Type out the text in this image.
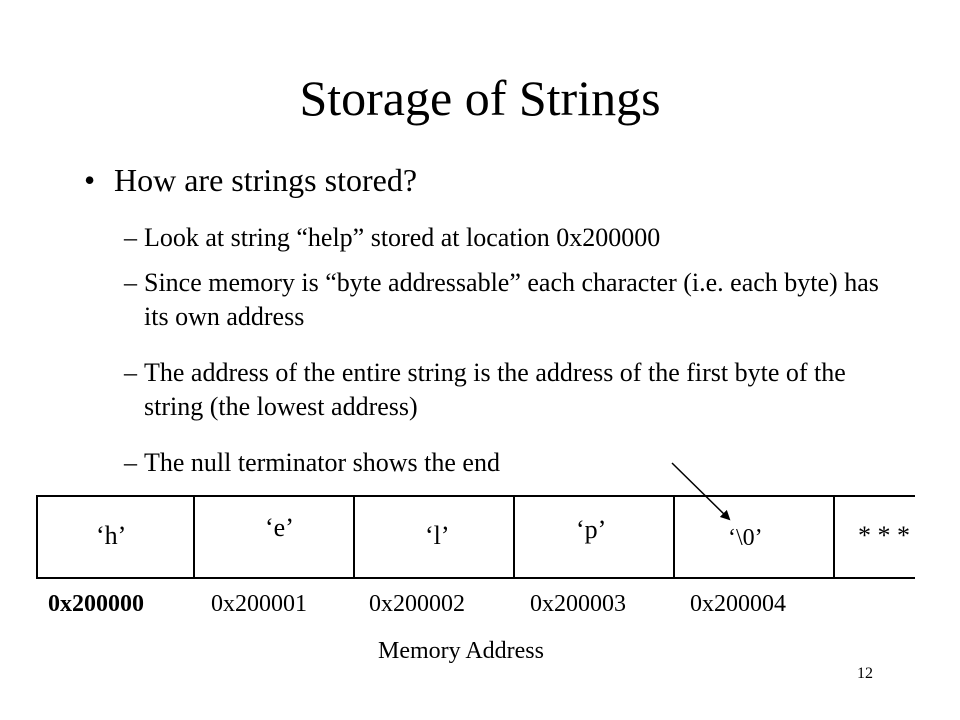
Storage of Strings
• How are strings stored?
– Look at string “help” stored at location 0x200000
– Since memory is “byte addressable” each character (i.e. each byte) has its own address
– The address of the entire string is the address of the first byte of the string (the lowest address)
– The null terminator shows the end
‘h’	‘e’	‘l’	‘p’	‘\0’	* * *
0x200000	0x200001	0x200002	0x200003	0x200004
Memory Address
12
